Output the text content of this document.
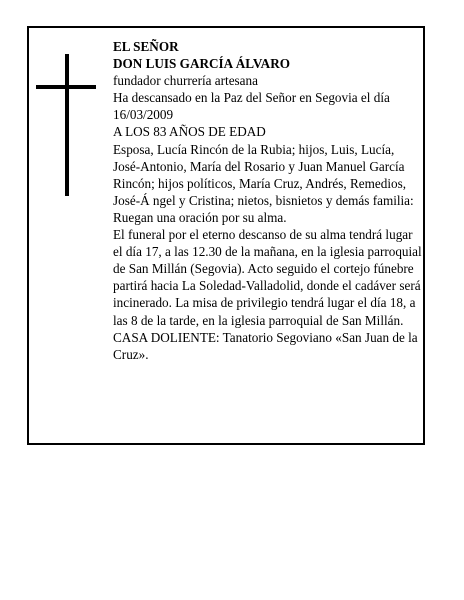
EL SEÑOR

DON LUIS GARCÍA ÁLVARO

fundador churrería artesana

Ha descansado en la Paz del Señor en Segovia el día 16/03/2009

A LOS 83 AÑOS DE EDAD

Esposa, Lucía Rincón de la Rubia; hijos, Luis, Lucía, José-Antonio, María del Rosario y Juan Manuel García Rincón; hijos políticos, María Cruz, Andrés, Remedios, José-Á ngel y Cristina; nietos, bisnietos y demás familia:

Ruegan una oración por su alma.

El funeral por el eterno descanso de su alma tendrá lugar el día 17, a las 12.30 de la mañana, en la iglesia parroquial de San Millán (Segovia). Acto seguido el cortejo fúnebre partirá hacia La Soledad-Valladolid, donde el cadáver será incinerado. La misa de privilegio tendrá lugar el día 18, a las 8 de la tarde, en la iglesia parroquial de San Millán.

CASA DOLIENTE: Tanatorio Segoviano «San Juan de la Cruz».
